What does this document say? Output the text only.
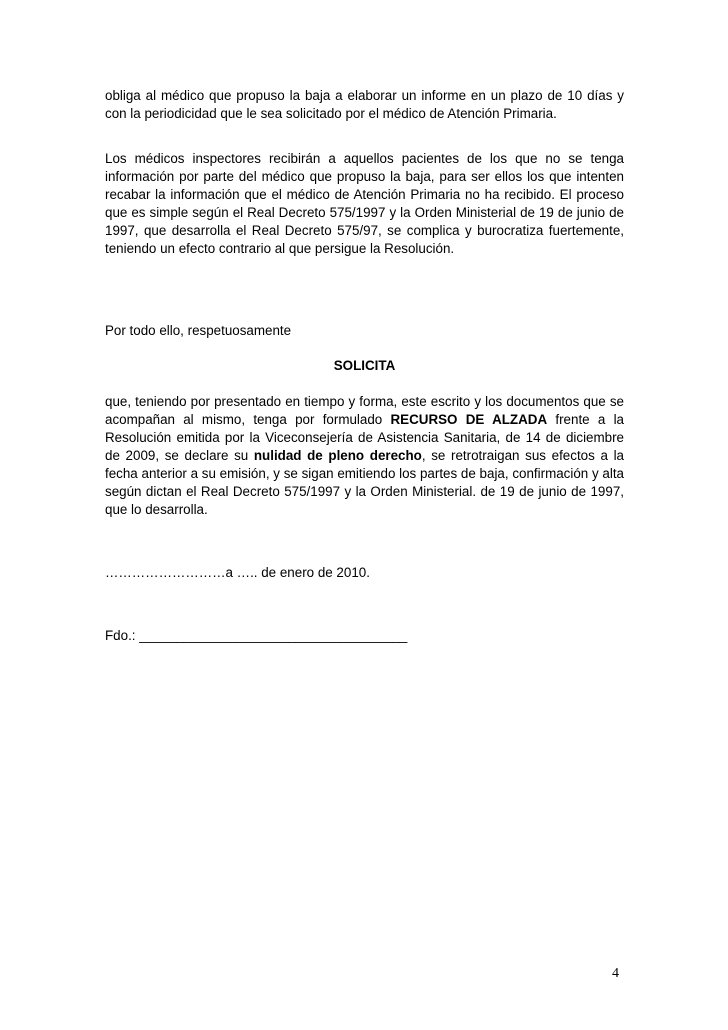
obliga al médico que propuso la baja a elaborar un informe en un plazo de 10 días y con la periodicidad que le sea solicitado por el médico de Atención Primaria.

Los médicos inspectores recibirán a aquellos pacientes de los que no se tenga información por parte del médico que propuso la baja, para ser ellos los que intenten recabar la información que el médico de Atención Primaria no ha recibido. El proceso que es simple según el Real Decreto 575/1997 y la Orden Ministerial de 19 de junio de 1997, que desarrolla el Real Decreto 575/97, se complica y burocratiza fuertemente, teniendo un efecto contrario al que persigue la Resolución.

Por todo ello, respetuosamente

SOLICITA

que, teniendo por presentado en tiempo y forma, este escrito y los documentos que se acompañan al mismo, tenga por formulado RECURSO DE ALZADA frente a la Resolución emitida por la Viceconsejería de Asistencia Sanitaria, de 14 de diciembre de 2009, se declare su nulidad de pleno derecho, se retrotraigan sus efectos a la fecha anterior a su emisión, y se sigan emitiendo los partes de baja, confirmación y alta según dictan el Real Decreto 575/1997 y la Orden Ministerial. de 19 de junio de 1997, que lo desarrolla.

………………………a ….. de enero de 2010.
Fdo.: ____________________________________
4
